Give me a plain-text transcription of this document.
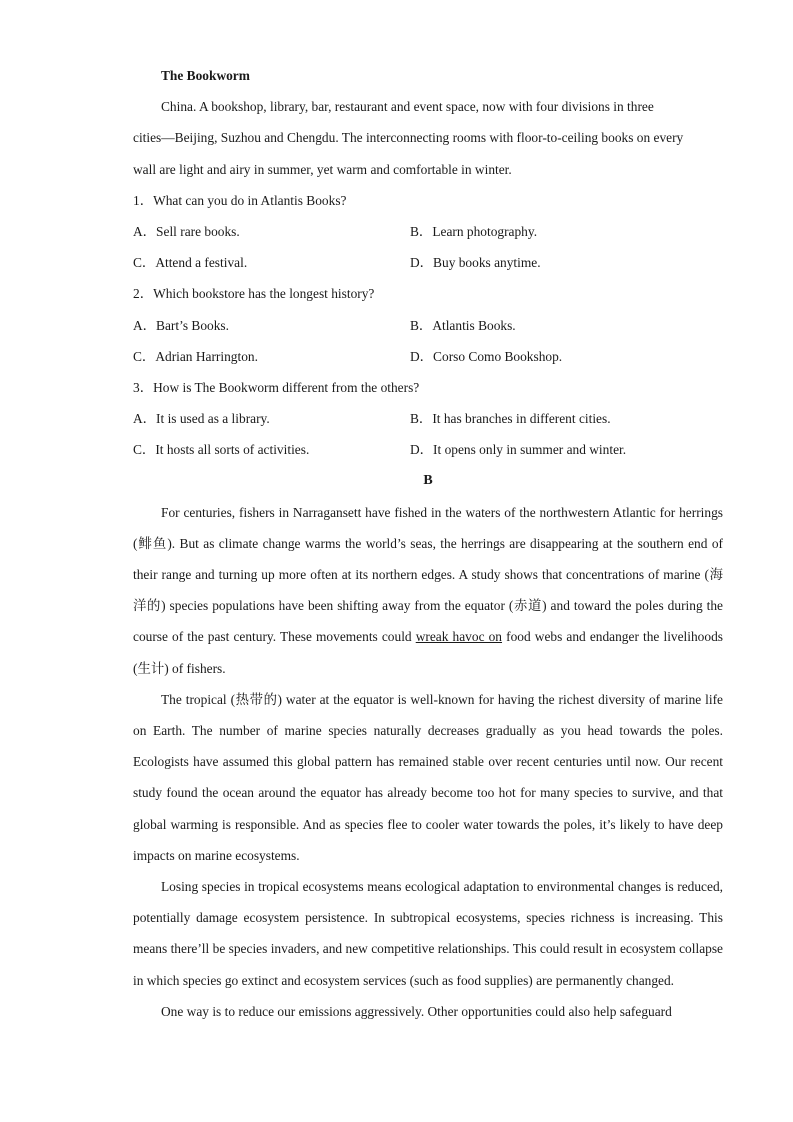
The Bookworm
China. A bookshop, library, bar, restaurant and event space, now with four divisions in three
cities—Beijing, Suzhou and Chengdu. The interconnecting rooms with floor-to-ceiling books on every
wall are light and airy in summer, yet warm and comfortable in winter.
1．What can you do in Atlantis Books?
A．Sell rare books.	B．Learn photography.
C．Attend a festival.	D．Buy books anytime.
2．Which bookstore has the longest history?
A．Bart’s Books.	B．Atlantis Books.
C．Adrian Harrington.	D．Corso Como Bookshop.
3．How is The Bookworm different from the others?
A．It is used as a library.	B．It has branches in different cities.
C．It hosts all sorts of activities.	D．It opens only in summer and winter.
B

For centuries, fishers in Narragansett have fished in the waters of the northwestern Atlantic for herrings (鲱鱼). But as climate change warms the world’s seas, the herrings are disappearing at the southern end of their range and turning up more often at its northern edges. A study shows that concentrations of marine (海洋的) species populations have been shifting away from the equator (赤道) and toward the poles during the course of the past century. These movements could wreak havoc on food webs and endanger the livelihoods (生计) of fishers.

The tropical (热带的) water at the equator is well-known for having the richest diversity of marine life on Earth. The number of marine species naturally decreases gradually as you head towards the poles. Ecologists have assumed this global pattern has remained stable over recent centuries until now. Our recent study found the ocean around the equator has already become too hot for many species to survive, and that global warming is responsible. And as species flee to cooler water towards the poles, it’s likely to have deep impacts on marine ecosystems.

Losing species in tropical ecosystems means ecological adaptation to environmental changes is reduced, potentially damage ecosystem persistence. In subtropical ecosystems, species richness is increasing. This means there’ll be species invaders, and new competitive relationships. This could result in ecosystem collapse in which species go extinct and ecosystem services (such as food supplies) are permanently changed.

One way is to reduce our emissions aggressively. Other opportunities could also help safeguard
